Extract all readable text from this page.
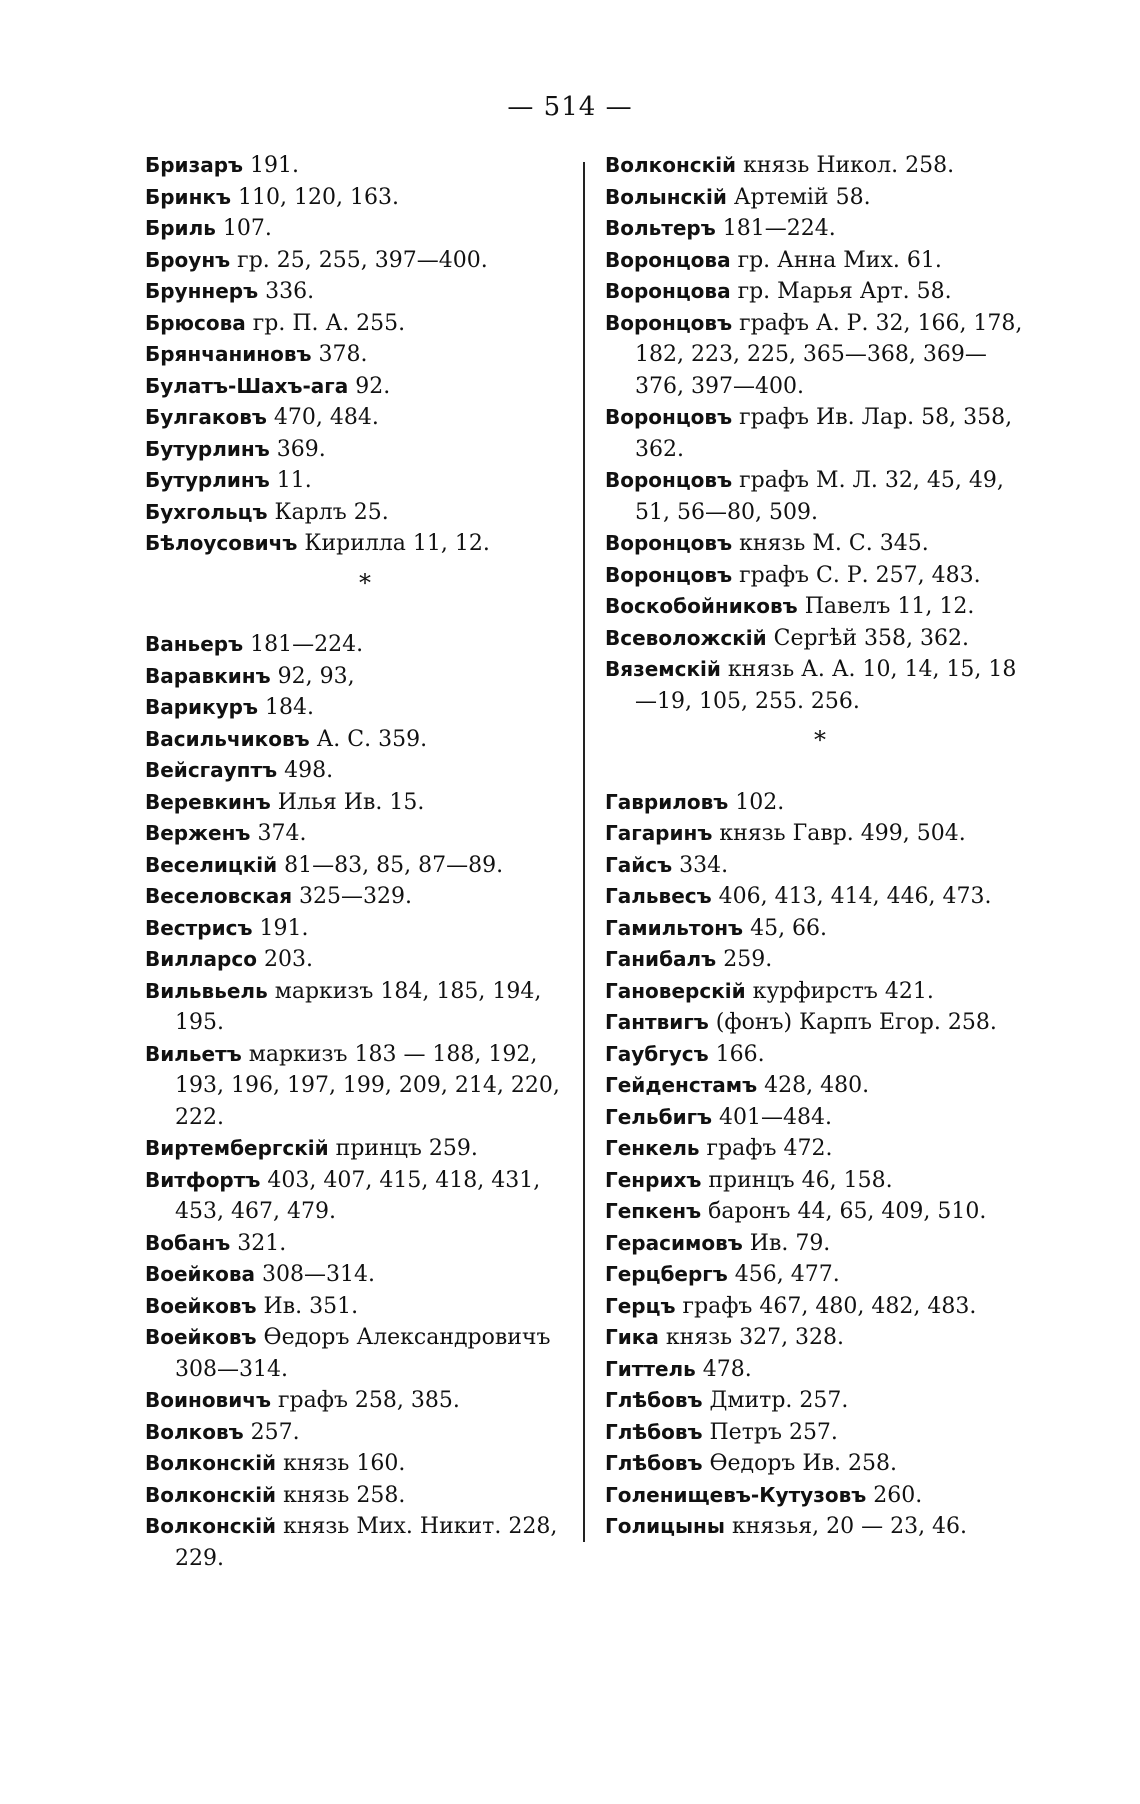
— 514 —

Бризаръ 191.

Бринкъ 110, 120, 163.

Бриль 107.

Броунъ гр. 25, 255, 397—400.

Бруннеръ 336.

Брюсова гр. П. А. 255.

Брянчаниновъ 378.

Булатъ-Шахъ-ага 92.

Булгаковъ 470, 484.

Бутурлинъ 369.

Бутурлинъ 11.

Бухгольцъ Карлъ 25.

Бѣлоусовичъ Кирилла 11, 12.

*

Ваньеръ 181—224.

Варавкинъ 92, 93,

Варикуръ 184.

Васильчиковъ А. С. 359.

Вейсгауптъ 498.

Веревкинъ Илья Ив. 15.

Верженъ 374.

Веселицкій 81—83, 85, 87—89.

Веселовская 325—329.

Вестрисъ 191.

Вилларсо 203.

Вильвьель маркизъ 184, 185, 194, 195.

Вильетъ маркизъ 183 — 188, 192, 193, 196, 197, 199, 209, 214, 220, 222.

Виртембергскій принцъ 259.

Витфортъ 403, 407, 415, 418, 431, 453, 467, 479.

Вобанъ 321.

Воейкова 308—314.

Воейковъ Ив. 351.

Воейковъ Өедоръ Александровичъ 308—314.

Воиновичъ графъ 258, 385.

Волковъ 257.

Волконскій князь 160.

Волконскій князь 258.

Волконскій князь Мих. Никит. 228, 229.

Волконскій князь Никол. 258.

Волынскій Артемій 58.

Вольтеръ 181—224.

Воронцова гр. Анна Мих. 61.

Воронцова гр. Марья Арт. 58.

Воронцовъ графъ А. Р. 32, 166, 178, 182, 223, 225, 365—368, 369—376, 397—400.

Воронцовъ графъ Ив. Лар. 58, 358, 362.

Воронцовъ графъ М. Л. 32, 45, 49, 51, 56—80, 509.

Воронцовъ князь М. С. 345.

Воронцовъ графъ С. Р. 257, 483.

Воскобойниковъ Павелъ 11, 12.

Всеволожскій Сергѣй 358, 362.

Вяземскій князь А. А. 10, 14, 15, 18—19, 105, 255. 256.

*

Гавриловъ 102.

Гагаринъ князь Гавр. 499, 504.

Гайсъ 334.

Гальвесъ 406, 413, 414, 446, 473.

Гамильтонъ 45, 66.

Ганибалъ 259.

Гановерскій курфирстъ 421.

Гантвигъ (фонъ) Карпъ Егор. 258.

Гаубгусъ 166.

Гейденстамъ 428, 480.

Гельбигъ 401—484.

Генкель графъ 472.

Генрихъ принцъ 46, 158.

Гепкенъ баронъ 44, 65, 409, 510.

Герасимовъ Ив. 79.

Герцбергъ 456, 477.

Герцъ графъ 467, 480, 482, 483.

Гика князь 327, 328.

Гиттель 478.

Глѣбовъ Дмитр. 257.

Глѣбовъ Петръ 257.

Глѣбовъ Өедоръ Ив. 258.

Голенищевъ-Кутузовъ 260.

Голицыны князья, 20 — 23, 46.
